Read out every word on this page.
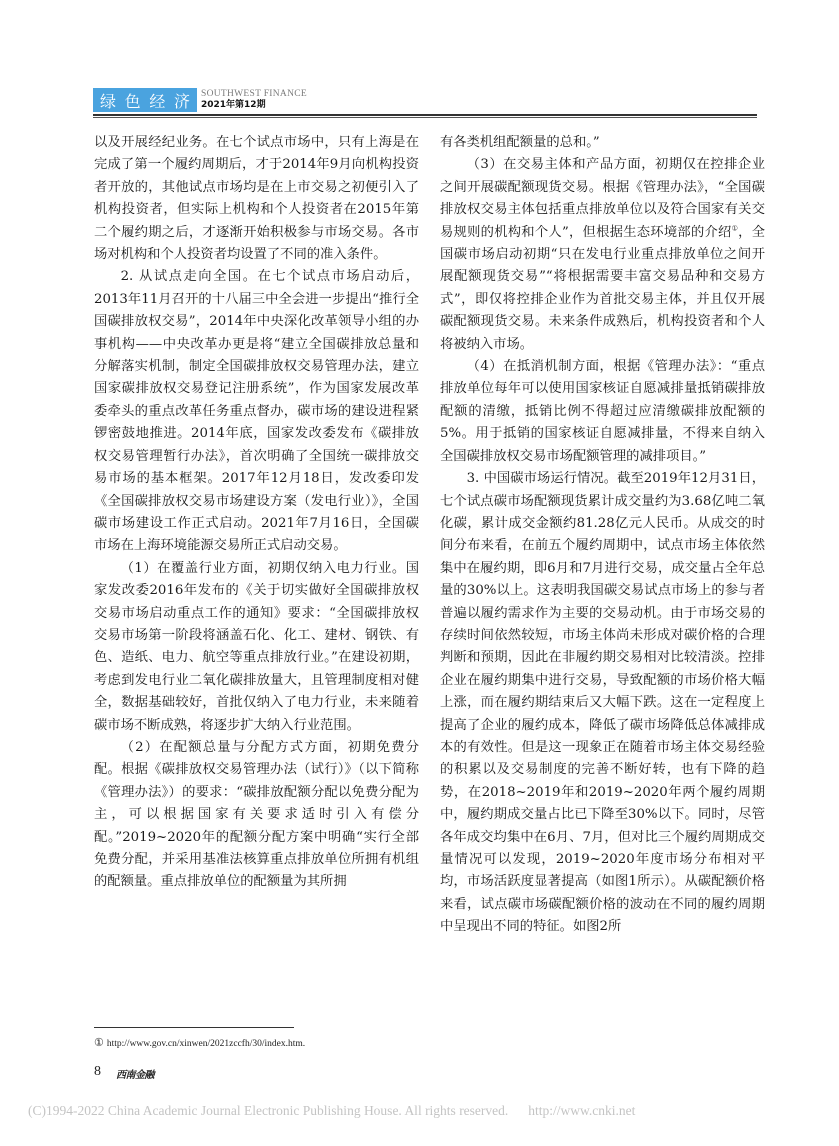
绿 色 经 济 SOUTHWEST FINANCE
2021年第12期

以及开展经纪业务。在七个试点市场中，只有上海是在完成了第一个履约周期后，才于2014年9月向机构投资者开放的，其他试点市场均是在上市交易之初便引入了机构投资者，但实际上机构和个人投资者在2015年第二个履约期之后，才逐渐开始积极参与市场交易。各市场对机构和个人投资者均设置了不同的准入条件。

2. 从试点走向全国。在七个试点市场启动后，2013年11月召开的十八届三中全会进一步提出“推行全国碳排放权交易”，2014年中央深化改革领导小组的办事机构——中央改革办更是将“建立全国碳排放总量和分解落实机制，制定全国碳排放权交易管理办法，建立国家碳排放权交易登记注册系统”，作为国家发展改革委牵头的重点改革任务重点督办，碳市场的建设进程紧锣密鼓地推进。2014年底，国家发改委发布《碳排放权交易管理暂行办法》，首次明确了全国统一碳排放交易市场的基本框架。2017年12月18日，发改委印发《全国碳排放权交易市场建设方案（发电行业）》，全国碳市场建设工作正式启动。2021年7月16日，全国碳市场在上海环境能源交易所正式启动交易。

（1）在覆盖行业方面，初期仅纳入电力行业。国家发改委2016年发布的《关于切实做好全国碳排放权交易市场启动重点工作的通知》要求：“全国碳排放权交易市场第一阶段将涵盖石化、化工、建材、钢铁、有色、造纸、电力、航空等重点排放行业。”在建设初期，考虑到发电行业二氧化碳排放量大，且管理制度相对健全，数据基础较好，首批仅纳入了电力行业，未来随着碳市场不断成熟，将逐步扩大纳入行业范围。

（2）在配额总量与分配方式方面，初期免费分配。根据《碳排放权交易管理办法（试行）》（以下简称《管理办法》）的要求：“碳排放配额分配以免费分配为主，可以根据国家有关要求适时引入有偿分配。”2019~2020年的配额分配方案中明确“实行全部免费分配，并采用基准法核算重点排放单位所拥有机组的配额量。重点排放单位的配额量为其所拥

有各类机组配额量的总和。”

（3）在交易主体和产品方面，初期仅在控排企业之间开展碳配额现货交易。根据《管理办法》，“全国碳排放权交易主体包括重点排放单位以及符合国家有关交易规则的机构和个人”，但根据生态环境部的介绍①，全国碳市场启动初期“只在发电行业重点排放单位之间开展配额现货交易”“将根据需要丰富交易品种和交易方式”，即仅将控排企业作为首批交易主体，并且仅开展碳配额现货交易。未来条件成熟后，机构投资者和个人将被纳入市场。

（4）在抵消机制方面，根据《管理办法》：“重点排放单位每年可以使用国家核证自愿减排量抵销碳排放配额的清缴，抵销比例不得超过应清缴碳排放配额的5%。用于抵销的国家核证自愿减排量，不得来自纳入全国碳排放权交易市场配额管理的减排项目。”

3. 中国碳市场运行情况。截至2019年12月31日，七个试点碳市场配额现货累计成交量约为3.68亿吨二氧化碳，累计成交金额约81.28亿元人民币。从成交的时间分布来看，在前五个履约周期中，试点市场主体依然集中在履约期，即6月和7月进行交易，成交量占全年总量的30%以上。这表明我国碳交易试点市场上的参与者普遍以履约需求作为主要的交易动机。由于市场交易的存续时间依然较短，市场主体尚未形成对碳价格的合理判断和预期，因此在非履约期交易相对比较清淡。控排企业在履约期集中进行交易，导致配额的市场价格大幅上涨，而在履约期结束后又大幅下跌。这在一定程度上提高了企业的履约成本，降低了碳市场降低总体减排成本的有效性。但是这一现象正在随着市场主体交易经验的积累以及交易制度的完善不断好转，也有下降的趋势，在2018~2019年和2019~2020年两个履约周期中，履约期成交量占比已下降至30%以下。同时，尽管各年成交均集中在6月、7月，但对比三个履约周期成交量情况可以发现，2019~2020年度市场分布相对平均，市场活跃度显著提高（如图1所示）。从碳配额价格来看，试点碳市场碳配额价格的波动在不同的履约周期中呈现出不同的特征。如图2所

① http://www.gov.cn/xinwen/2021zccfh/30/index.htm.
8 西南金融
(C)1994-2022 China Academic Journal Electronic Publishing House. All rights reserved. http://www.cnki.net
